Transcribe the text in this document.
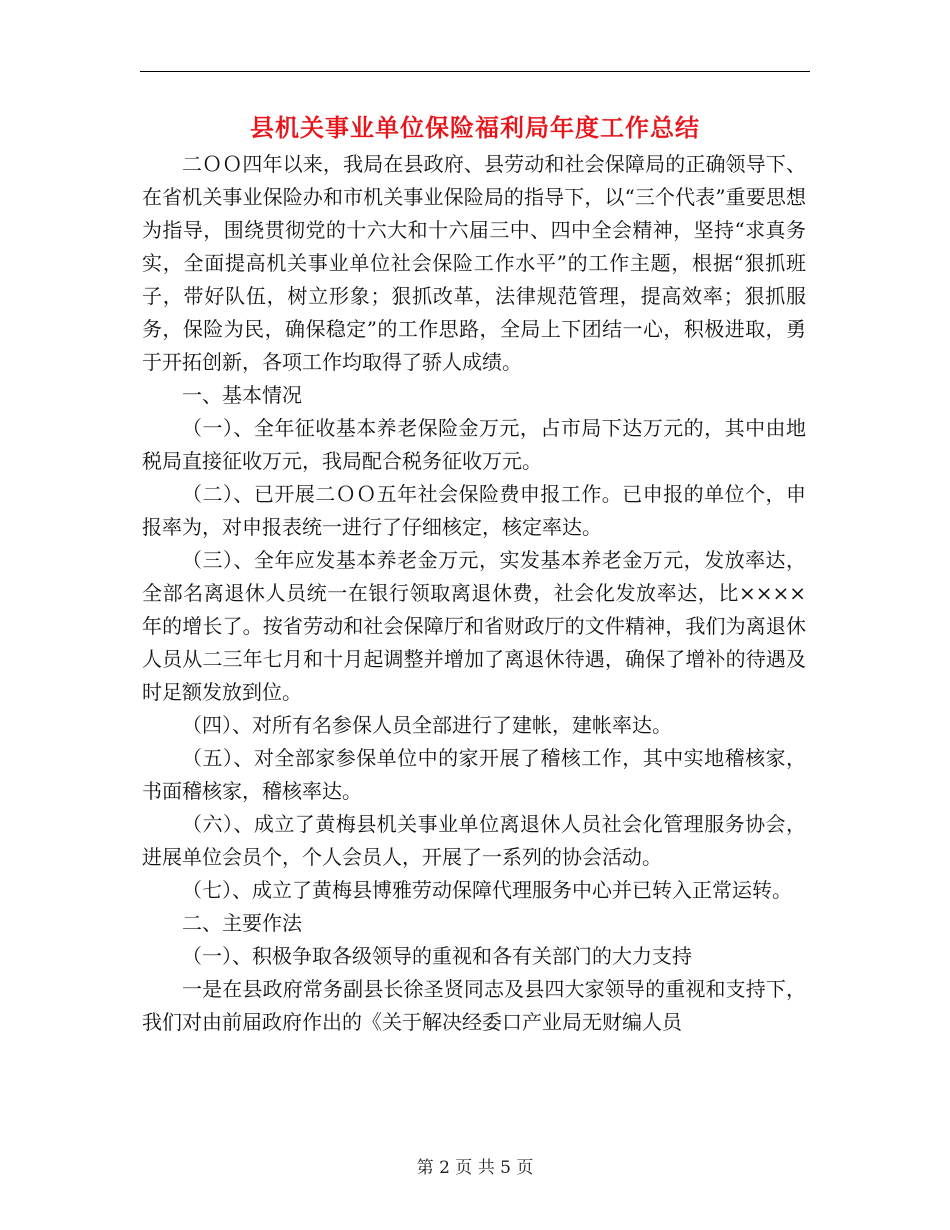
县机关事业单位保险福利局年度工作总结

二ＯＯ四年以来，我局在县政府、县劳动和社会保障局的正确领导下、在省机关事业保险办和市机关事业保险局的指导下，以“三个代表”重要思想为指导，围绕贯彻党的十六大和十六届三中、四中全会精神，坚持“求真务实，全面提高机关事业单位社会保险工作水平”的工作主题，根据“狠抓班子，带好队伍，树立形象；狠抓改革，法律规范管理，提高效率；狠抓服务，保险为民，确保稳定”的工作思路，全局上下团结一心，积极进取，勇于开拓创新，各项工作均取得了骄人成绩。

一、基本情况

（一）、全年征收基本养老保险金万元，占市局下达万元的，其中由地税局直接征收万元，我局配合税务征收万元。

（二）、已开展二ＯＯ五年社会保险费申报工作。已申报的单位个，申报率为，对申报表统一进行了仔细核定，核定率达。

（三）、全年应发基本养老金万元，实发基本养老金万元，发放率达，全部名离退休人员统一在银行领取离退休费，社会化发放率达，比××××年的增长了。按省劳动和社会保障厅和省财政厅的文件精神，我们为离退休人员从二三年七月和十月起调整并增加了离退休待遇，确保了增补的待遇及时足额发放到位。

（四）、对所有名参保人员全部进行了建帐，建帐率达。

（五）、对全部家参保单位中的家开展了稽核工作，其中实地稽核家，书面稽核家，稽核率达。

（六）、成立了黄梅县机关事业单位离退休人员社会化管理服务协会，进展单位会员个，个人会员人，开展了一系列的协会活动。

（七）、成立了黄梅县博雅劳动保障代理服务中心并已转入正常运转。

二、主要作法

（一）、积极争取各级领导的重视和各有关部门的大力支持

一是在县政府常务副县长徐圣贤同志及县四大家领导的重视和支持下，我们对由前届政府作出的《关于解决经委口产业局无财编人员

第 2 页 共 5 页
